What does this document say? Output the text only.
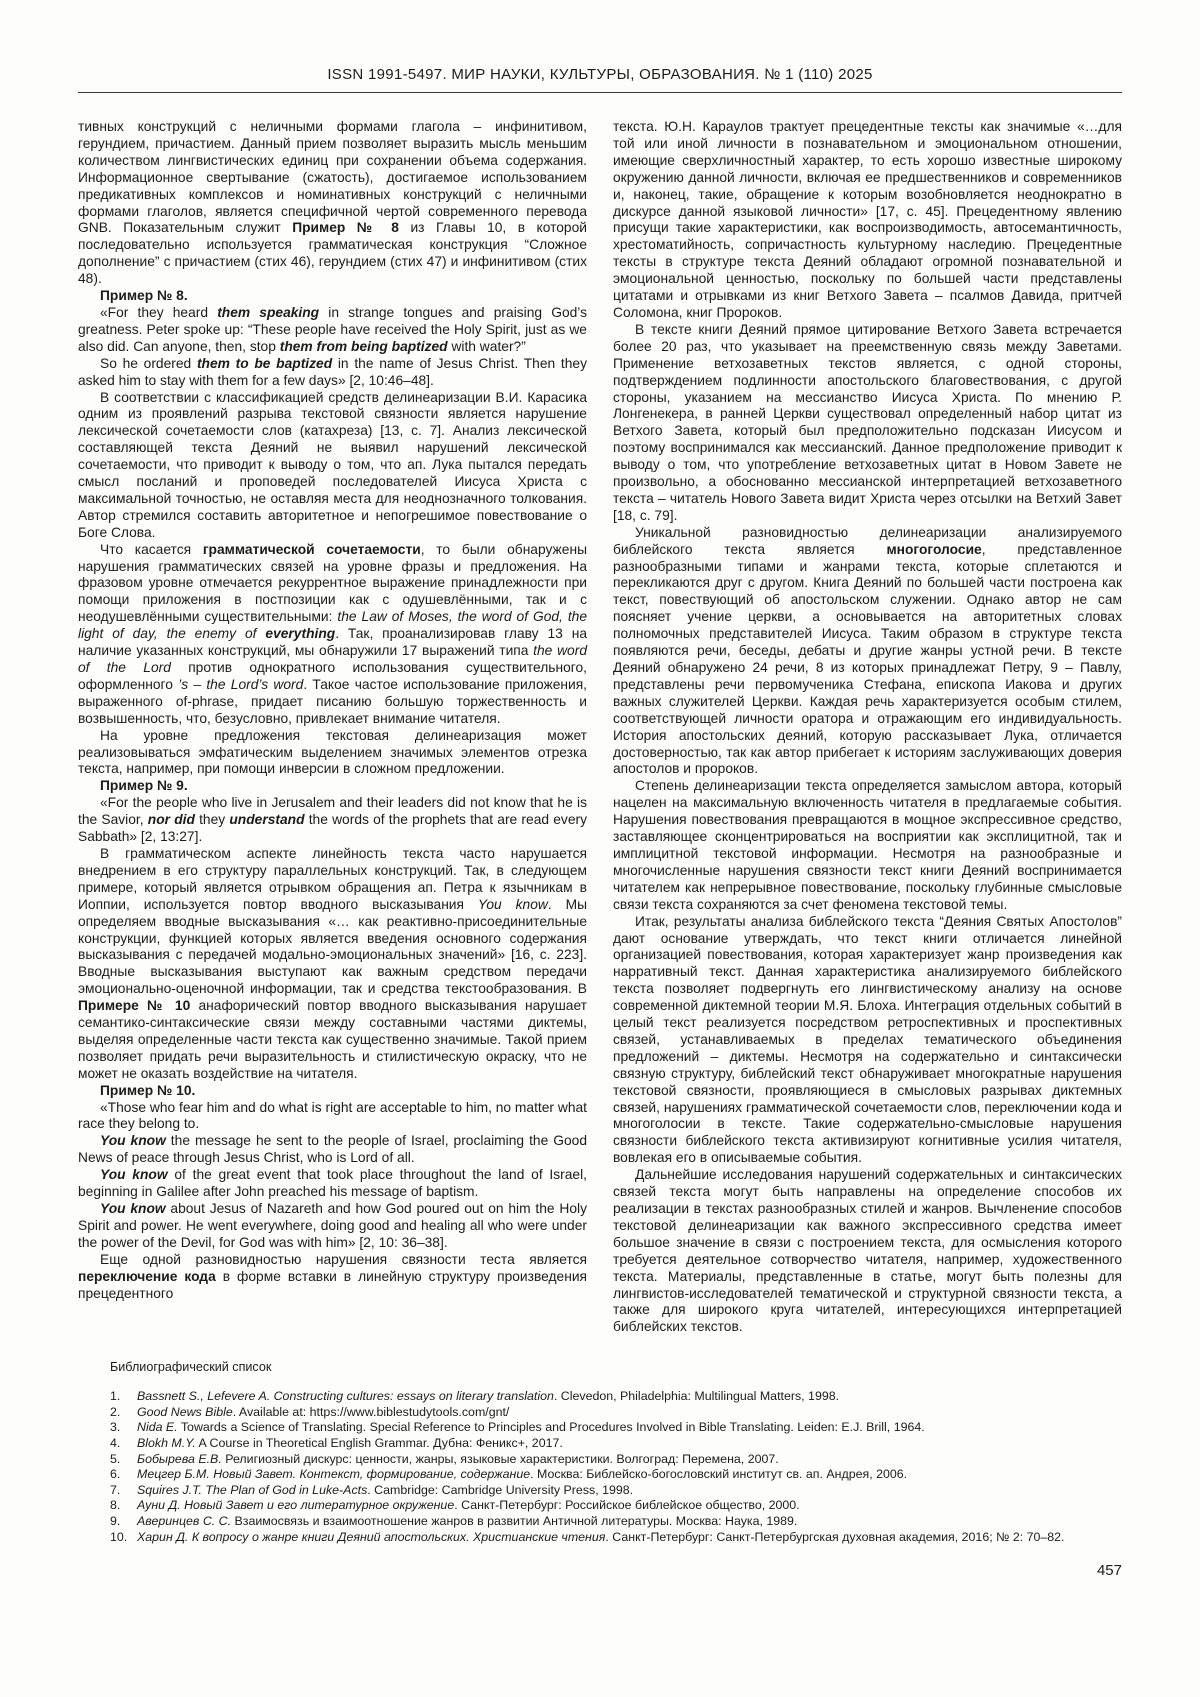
ISSN 1991-5497. МИР НАУКИ, КУЛЬТУРЫ, ОБРАЗОВАНИЯ. № 1 (110) 2025

тивных конструкций с неличными формами глагола – инфинитивом, герундием, причастием. Данный прием позволяет выразить мысль меньшим количеством лингвистических единиц при сохранении объема содержания. Информационное свертывание (сжатость), достигаемое использованием предикативных комплексов и номинативных конструкций с неличными формами глаголов, является специфичной чертой современного перевода GNB. Показательным служит Пример № 8 из Главы 10, в которой последовательно используется грамматическая конструкция “Сложное дополнение” с причастием (стих 46), герундием (стих 47) и инфинитивом (стих 48).

Пример № 8.

«For they heard them speaking in strange tongues and praising God’s greatness. Peter spoke up: “These people have received the Holy Spirit, just as we also did. Can anyone, then, stop them from being baptized with water?”

So he ordered them to be baptized in the name of Jesus Christ. Then they asked him to stay with them for a few days» [2, 10:46–48].

В соответствии с классификацией средств делинеаризации В.И. Карасика одним из проявлений разрыва текстовой связности является нарушение лексической сочетаемости слов (катахреза) [13, с. 7]. Анализ лексической составляющей текста Деяний не выявил нарушений лексической сочетаемости, что приводит к выводу о том, что ап. Лука пытался передать смысл посланий и проповедей последователей Иисуса Христа с максимальной точностью, не оставляя места для неоднозначного толкования. Автор стремился составить авторитетное и непогрешимое повествование о Боге Слова.

Что касается грамматической сочетаемости, то были обнаружены нарушения грамматических связей на уровне фразы и предложения. На фразовом уровне отмечается рекуррентное выражение принадлежности при помощи приложения в постпозиции как с одушевлёнными, так и с неодушевлёнными существительными: the Law of Moses, the word of God, the light of day, the enemy of everything. Так, проанализировав главу 13 на наличие указанных конструкций, мы обнаружили 17 выражений типа the word of the Lord против однократного использования существительного, оформленного ’s – the Lord’s word. Такое частое использование приложения, выраженного of-phrase, придает писанию большую торжественность и возвышенность, что, безусловно, привлекает внимание читателя.

На уровне предложения текстовая делинеаризация может реализовываться эмфатическим выделением значимых элементов отрезка текста, например, при помощи инверсии в сложном предложении.

Пример № 9.

«For the people who live in Jerusalem and their leaders did not know that he is the Savior, nor did they understand the words of the prophets that are read every Sabbath» [2, 13:27].

В грамматическом аспекте линейность текста часто нарушается внедрением в его структуру параллельных конструкций. Так, в следующем примере, который является отрывком обращения ап. Петра к язычникам в Иоппии, используется повтор вводного высказывания You know. Мы определяем вводные высказывания «… как реактивно-присоединительные конструкции, функцией которых является введения основного содержания высказывания с передачей модально-эмоциональных значений» [16, с. 223]. Вводные высказывания выступают как важным средством передачи эмоционально-оценочной информации, так и средства текстообразования. В Примере № 10 анафорический повтор вводного высказывания нарушает семантико-синтаксические связи между составными частями диктемы, выделяя определенные части текста как существенно значимые. Такой прием позволяет придать речи выразительность и стилистическую окраску, что не может не оказать воздействие на читателя.

Пример № 10.

«Those who fear him and do what is right are acceptable to him, no matter what race they belong to.

You know the message he sent to the people of Israel, proclaiming the Good News of peace through Jesus Christ, who is Lord of all.

You know of the great event that took place throughout the land of Israel, beginning in Galilee after John preached his message of baptism.

You know about Jesus of Nazareth and how God poured out on him the Holy Spirit and power. He went everywhere, doing good and healing all who were under the power of the Devil, for God was with him» [2, 10: 36–38].

Еще одной разновидностью нарушения связности теста является переключение кода в форме вставки в линейную структуру произведения прецедентного

текста. Ю.Н. Караулов трактует прецедентные тексты как значимые «…для той или иной личности в познавательном и эмоциональном отношении, имеющие сверхличностный характер, то есть хорошо известные широкому окружению данной личности, включая ее предшественников и современников и, наконец, такие, обращение к которым возобновляется неоднократно в дискурсе данной языковой личности» [17, с. 45]. Прецедентному явлению присущи такие характеристики, как воспроизводимость, автосемантичность, хрестоматийность, сопричастность культурному наследию. Прецедентные тексты в структуре текста Деяний обладают огромной познавательной и эмоциональной ценностью, поскольку по большей части представлены цитатами и отрывками из книг Ветхого Завета – псалмов Давида, притчей Соломона, книг Пророков.

В тексте книги Деяний прямое цитирование Ветхого Завета встречается более 20 раз, что указывает на преемственную связь между Заветами. Применение ветхозаветных текстов является, с одной стороны, подтверждением подлинности апостольского благовествования, с другой стороны, указанием на мессианство Иисуса Христа. По мнению Р. Лонгенекера, в ранней Церкви существовал определенный набор цитат из Ветхого Завета, который был предположительно подсказан Иисусом и поэтому воспринимался как мессианский. Данное предположение приводит к выводу о том, что употребление ветхозаветных цитат в Новом Завете не произвольно, а обоснованно мессианской интерпретацией ветхозаветного текста – читатель Нового Завета видит Христа через отсылки на Ветхий Завет [18, с. 79].

Уникальной разновидностью делинеаризации анализируемого библейского текста является многоголосие, представленное разнообразными типами и жанрами текста, которые сплетаются и перекликаются друг с другом. Книга Деяний по большей части построена как текст, повествующий об апостольском служении. Однако автор не сам поясняет учение церкви, а основывается на авторитетных словах полномочных представителей Иисуса. Таким образом в структуре текста появляются речи, беседы, дебаты и другие жанры устной речи. В тексте Деяний обнаружено 24 речи, 8 из которых принадлежат Петру, 9 – Павлу, представлены речи первомученика Стефана, епископа Иакова и других важных служителей Церкви. Каждая речь характеризуется особым стилем, соответствующей личности оратора и отражающим его индивидуальность. История апостольских деяний, которую рассказывает Лука, отличается достоверностью, так как автор прибегает к историям заслуживающих доверия апостолов и пророков.

Степень делинеаризации текста определяется замыслом автора, который нацелен на максимальную включенность читателя в предлагаемые события. Нарушения повествования превращаются в мощное экспрессивное средство, заставляющее сконцентрироваться на восприятии как эксплицитной, так и имплицитной текстовой информации. Несмотря на разнообразные и многочисленные нарушения связности текст книги Деяний воспринимается читателем как непрерывное повествование, поскольку глубинные смысловые связи текста сохраняются за счет феномена текстовой темы.

Итак, результаты анализа библейского текста “Деяния Святых Апостолов” дают основание утверждать, что текст книги отличается линейной организацией повествования, которая характеризует жанр произведения как нарративный текст. Данная характеристика анализируемого библейского текста позволяет подвергнуть его лингвистическому анализу на основе современной диктемной теории М.Я. Блоха. Интеграция отдельных событий в целый текст реализуется посредством ретроспективных и проспективных связей, устанавливаемых в пределах тематического объединения предложений – диктемы. Несмотря на содержательно и синтаксически связную структуру, библейский текст обнаруживает многократные нарушения текстовой связности, проявляющиеся в смысловых разрывах диктемных связей, нарушениях грамматической сочетаемости слов, переключении кода и многоголосии в тексте. Такие содержательно-смысловые нарушения связности библейского текста активизируют когнитивные усилия читателя, вовлекая его в описываемые события.

Дальнейшие исследования нарушений содержательных и синтаксических связей текста могут быть направлены на определение способов их реализации в текстах разнообразных стилей и жанров. Вычленение способов текстовой делинеаризации как важного экспрессивного средства имеет большое значение в связи с построением текста, для осмысления которого требуется деятельное сотворчество читателя, например, художественного текста. Материалы, представленные в статье, могут быть полезны для лингвистов-исследователей тематической и структурной связности текста, а также для широкого круга читателей, интересующихся интерпретацией библейских текстов.

Библиографический список
1.	Bassnett S., Lefevere A. Constructing cultures: essays on literary translation. Clevedon, Philadelphia: Multilingual Matters, 1998.
2.	Good News Bible. Available at: https://www.biblestudytools.com/gnt/
3.	Nida E. Towards a Science of Translating. Special Reference to Principles and Procedures Involved in Bible Translating. Leiden: E.J. Brill, 1964.
4.	Blokh M.Y. A Course in Theoretical English Grammar. Дубна: Феникс+, 2017.
5.	Бобырева Е.В. Религиозный дискурс: ценности, жанры, языковые характеристики. Волгоград: Перемена, 2007.
6.	Мецгер Б.М. Новый Завет. Контекст, формирование, содержание. Москва: Библейско-богословский институт св. ап. Андрея, 2006.
7.	Squires J.T. The Plan of God in Luke-Acts. Cambridge: Cambridge University Press, 1998.
8.	Ауни Д. Новый Завет и его литературное окружение. Санкт-Петербург: Российское библейское общество, 2000.
9.	Аверинцев С. С. Взаимосвязь и взаимоотношение жанров в развитии Античной литературы. Москва: Наука, 1989.
10. Харин Д. К вопросу о жанре книги Деяний апостольских. Христианские чтения. Санкт-Петербург: Санкт-Петербургская духовная академия, 2016; № 2: 70–82.
457
